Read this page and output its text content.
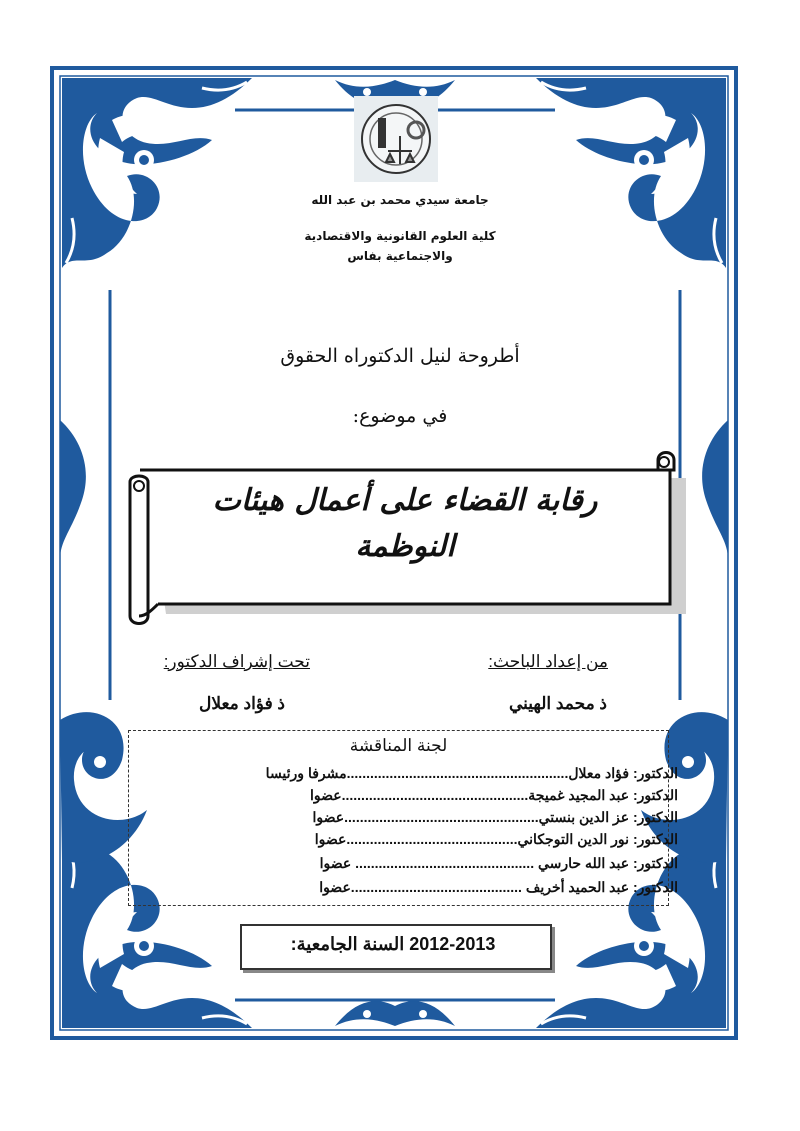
جامعة سيدي محمد بن عبد الله
كلية العلوم القانونية والاقتصادية
والاجتماعية بفاس
أطروحة لنيل الدكتوراه الحقوق
في موضوع:
رقابة القضاء على أعمال هيئات
النوظمة
من إعداد الباحث:
تحت إشراف الدكتور:
ذ محمد الهيني
ذ فؤاد معلال
لجنة المناقشة
الدكتور: فؤاد معلال.........................................................مشرفا ورئيسا
الدكتور: عبد المجيد غميجة................................................عضوا
الدكتور: عز الدين بنستي..................................................عضوا
الدكتور: نور الدين التوجكاني............................................عضوا
الدكتور: عبد الله حارسي .............................................. عضوا
الدكتور: عبد الحميد أخريف ............................................عضوا
السنة الجامعية: 2012-2013
